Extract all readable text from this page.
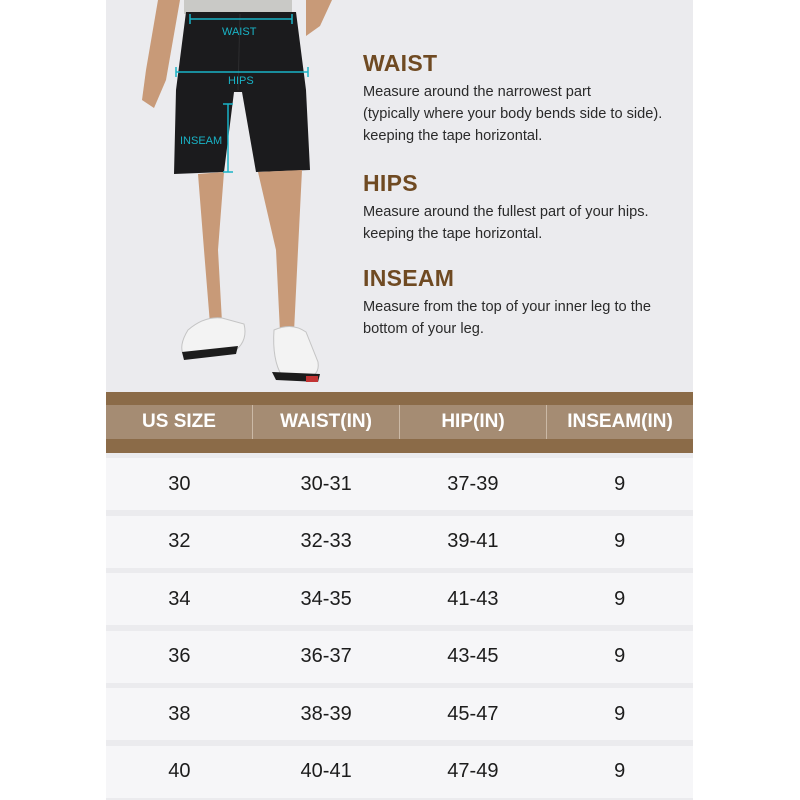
WAIST
HIPS
INSEAM
WAIST

Measure around the narrowest part
(typically where your body bends side to side).
keeping the tape horizontal.

HIPS

Measure around the fullest part of your hips.
keeping the tape horizontal.

INSEAM

Measure from the top of your inner leg to the
bottom of your leg.

US SIZE	WAIST(IN)	HIP(IN)	INSEAM(IN)
30	30-31	37-39	9
32	32-33	39-41	9
34	34-35	41-43	9
36	36-37	43-45	9
38	38-39	45-47	9
40	40-41	47-49	9
